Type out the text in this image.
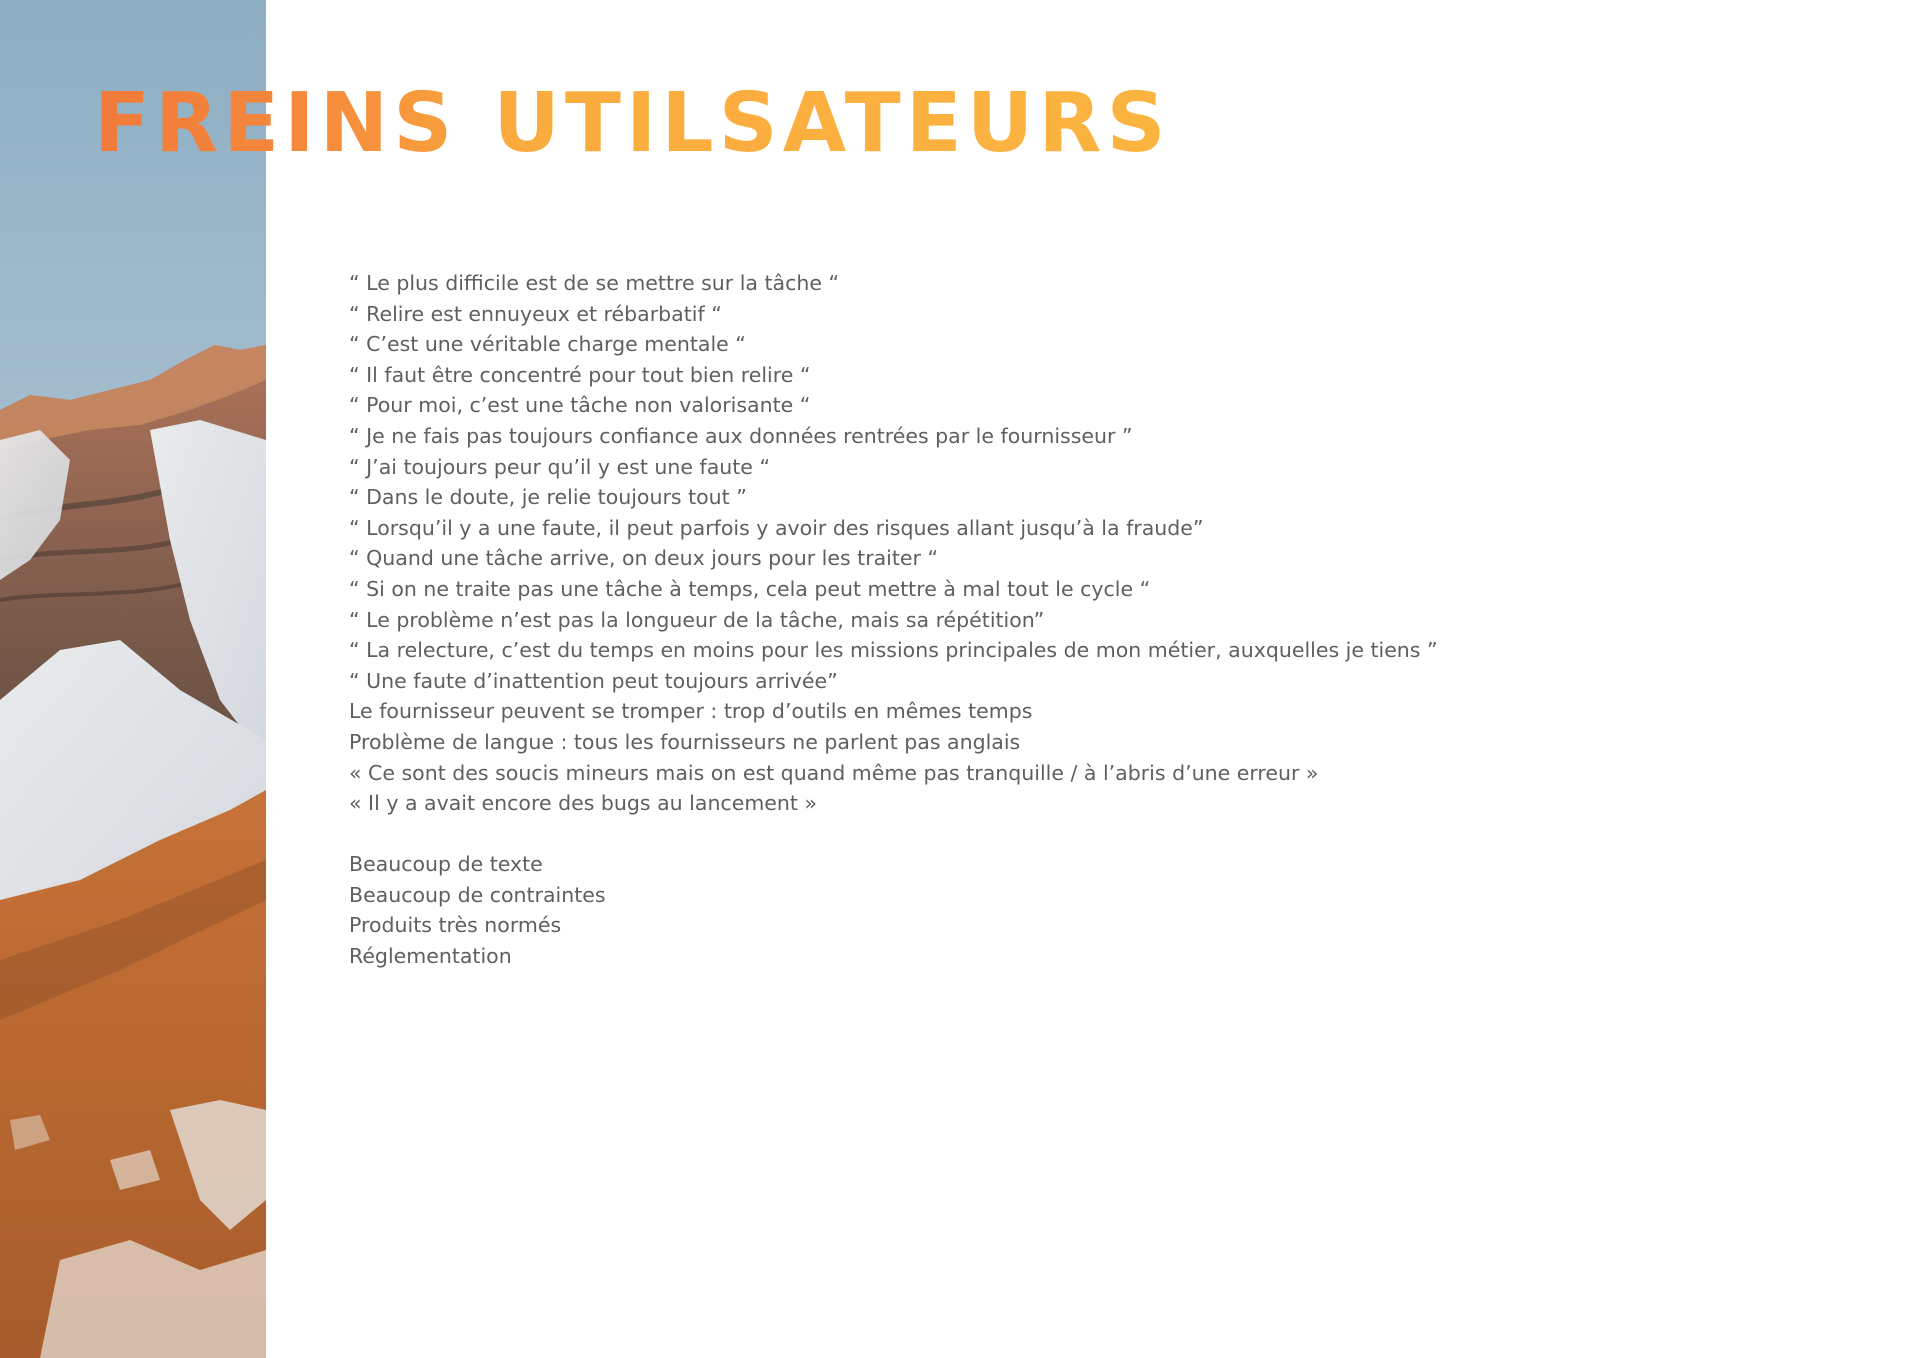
FREINS UTILSATEURS
“ Le plus difficile est de se mettre sur la tâche “
“ Relire est ennuyeux et rébarbatif “
“ C’est une véritable charge mentale “
“ Il faut être concentré pour tout bien relire “
“ Pour moi, c’est une tâche non valorisante “
“ Je ne fais pas toujours confiance aux données rentrées par le fournisseur ”
“ J’ai toujours peur qu’il y est une faute “
“ Dans le doute, je relie toujours tout ”
“ Lorsqu’il y a une faute, il peut parfois y avoir des risques allant jusqu’à la fraude”
“ Quand une tâche arrive, on deux jours pour les traiter “
“ Si on ne traite pas une tâche à temps, cela peut mettre à mal tout le cycle “
“ Le problème n’est pas la longueur de la tâche, mais sa répétition”
“ La relecture, c’est du temps en moins pour les missions principales de mon métier, auxquelles je tiens ”
“ Une faute d’inattention peut toujours arrivée”
Le fournisseur peuvent se tromper : trop d’outils en mêmes temps
Problème de langue : tous les fournisseurs ne parlent pas anglais
« Ce sont des soucis mineurs mais on est quand même pas tranquille / à l’abris d’une erreur »
« Il y a avait encore des bugs au lancement »
Beaucoup de texte
Beaucoup de contraintes
Produits très normés
Réglementation
